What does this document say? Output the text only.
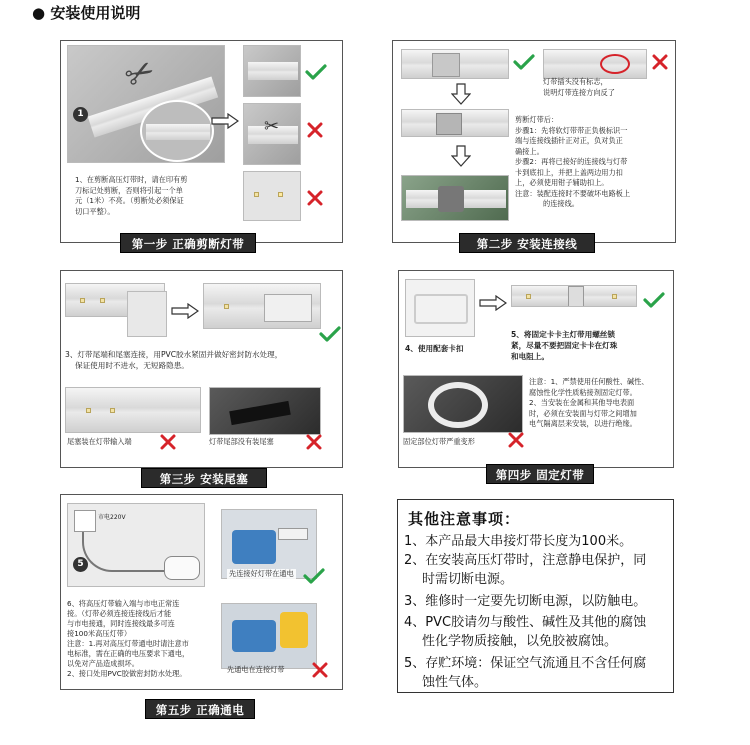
● 安装使用说明
✂
1
✂
1、在剪断高压灯带时，请在印有剪
刀标记处剪断，否则将引起一个单
元（1米）不亮。（剪断处必须保证
切口平整）。
第一步 正确剪断灯带
灯带插头没有标志，
说明灯带连接方向反了
剪断灯带后：
步骤1：先将软灯带带正负极标识一
端与连接线插针正对正，负对负正
确接上。
步骤2：再将已接好的连接线与灯带
卡到底扣上，并把上盖两边用力扣
上，必须使用钳子辅助扣上。
注意：装配连接时不要破坏电路板上
的连接线。
第二步 安装连接线
3、灯带尾端和尾塞连接，用PVC胶水紧固并做好密封防水处理，
保证使用时不进水，无短路隐患。
尾塞装在灯带输入端	灯带尾部没有装尾塞
第三步 安装尾塞
4、使用配套卡扣
5、将固定卡卡主灯带用螺丝锁
紧，尽量不要把固定卡卡在灯珠
和电阻上。
固定部位灯带严重变形
注意：1、严禁使用任何酸性、碱性、
腐蚀性化学性质粘接剂固定灯带。
2、当安装在金属和其他导电表面
时，必须在安装面与灯带之间增加
电气隔离层来安装，以进行绝缘。
第四步 固定灯带
市电220V
5
先连接好灯带在通电
先通电在连接灯带
6、将高压灯带输入端与市电正常连
接。（灯带必须连接连接线后才能
与市电接通，同时连接线最多可连
接100米高压灯带）
注意：1.再对高压灯带通电时请注意市
电标准，需在正确的电压要求下通电，
以免对产品造成损坏。
2、接口处用PVC胶做密封防水处理。
第五步 正确通电
其他注意事项：
1、本产品最大串接灯带长度为100米。
2、在安装高压灯带时，注意静电保护，同
时需切断电源。
3、维修时一定要先切断电源，以防触电。
4、PVC胶请勿与酸性、碱性及其他的腐蚀
性化学物质接触，以免胶被腐蚀。
5、存贮环境：保证空气流通且不含任何腐
蚀性气体。
